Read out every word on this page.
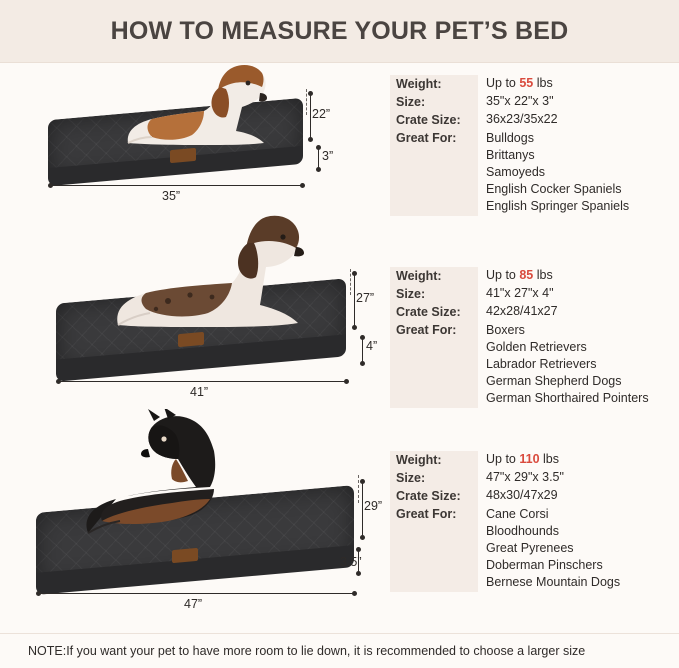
HOW TO MEASURE YOUR PET’S BED
22”
3”
35”
Weight:	Up to 55 lbs
Size:	35"x 22"x 3"
Crate Size:	36x23/35x22
Great For:	Bulldogs
Brittanys
Samoyeds
English Cocker Spaniels
English Springer Spaniels
27”
4”
41”
Weight:	Up to 85 lbs
Size:	41"x 27"x 4"
Crate Size:	42x28/41x27
Great For:	Boxers
Golden Retrievers
Labrador Retrievers
German Shepherd Dogs
German Shorthaired Pointers
29”
3.5”
47”
Weight:	Up to 110 lbs
Size:	47"x 29"x 3.5"
Crate Size:	48x30/47x29
Great For:	Cane Corsi
Bloodhounds
Great Pyrenees
Doberman Pinschers
Bernese Mountain Dogs
NOTE:If you want your pet to have more room to lie down, it is recommended to choose a larger size
